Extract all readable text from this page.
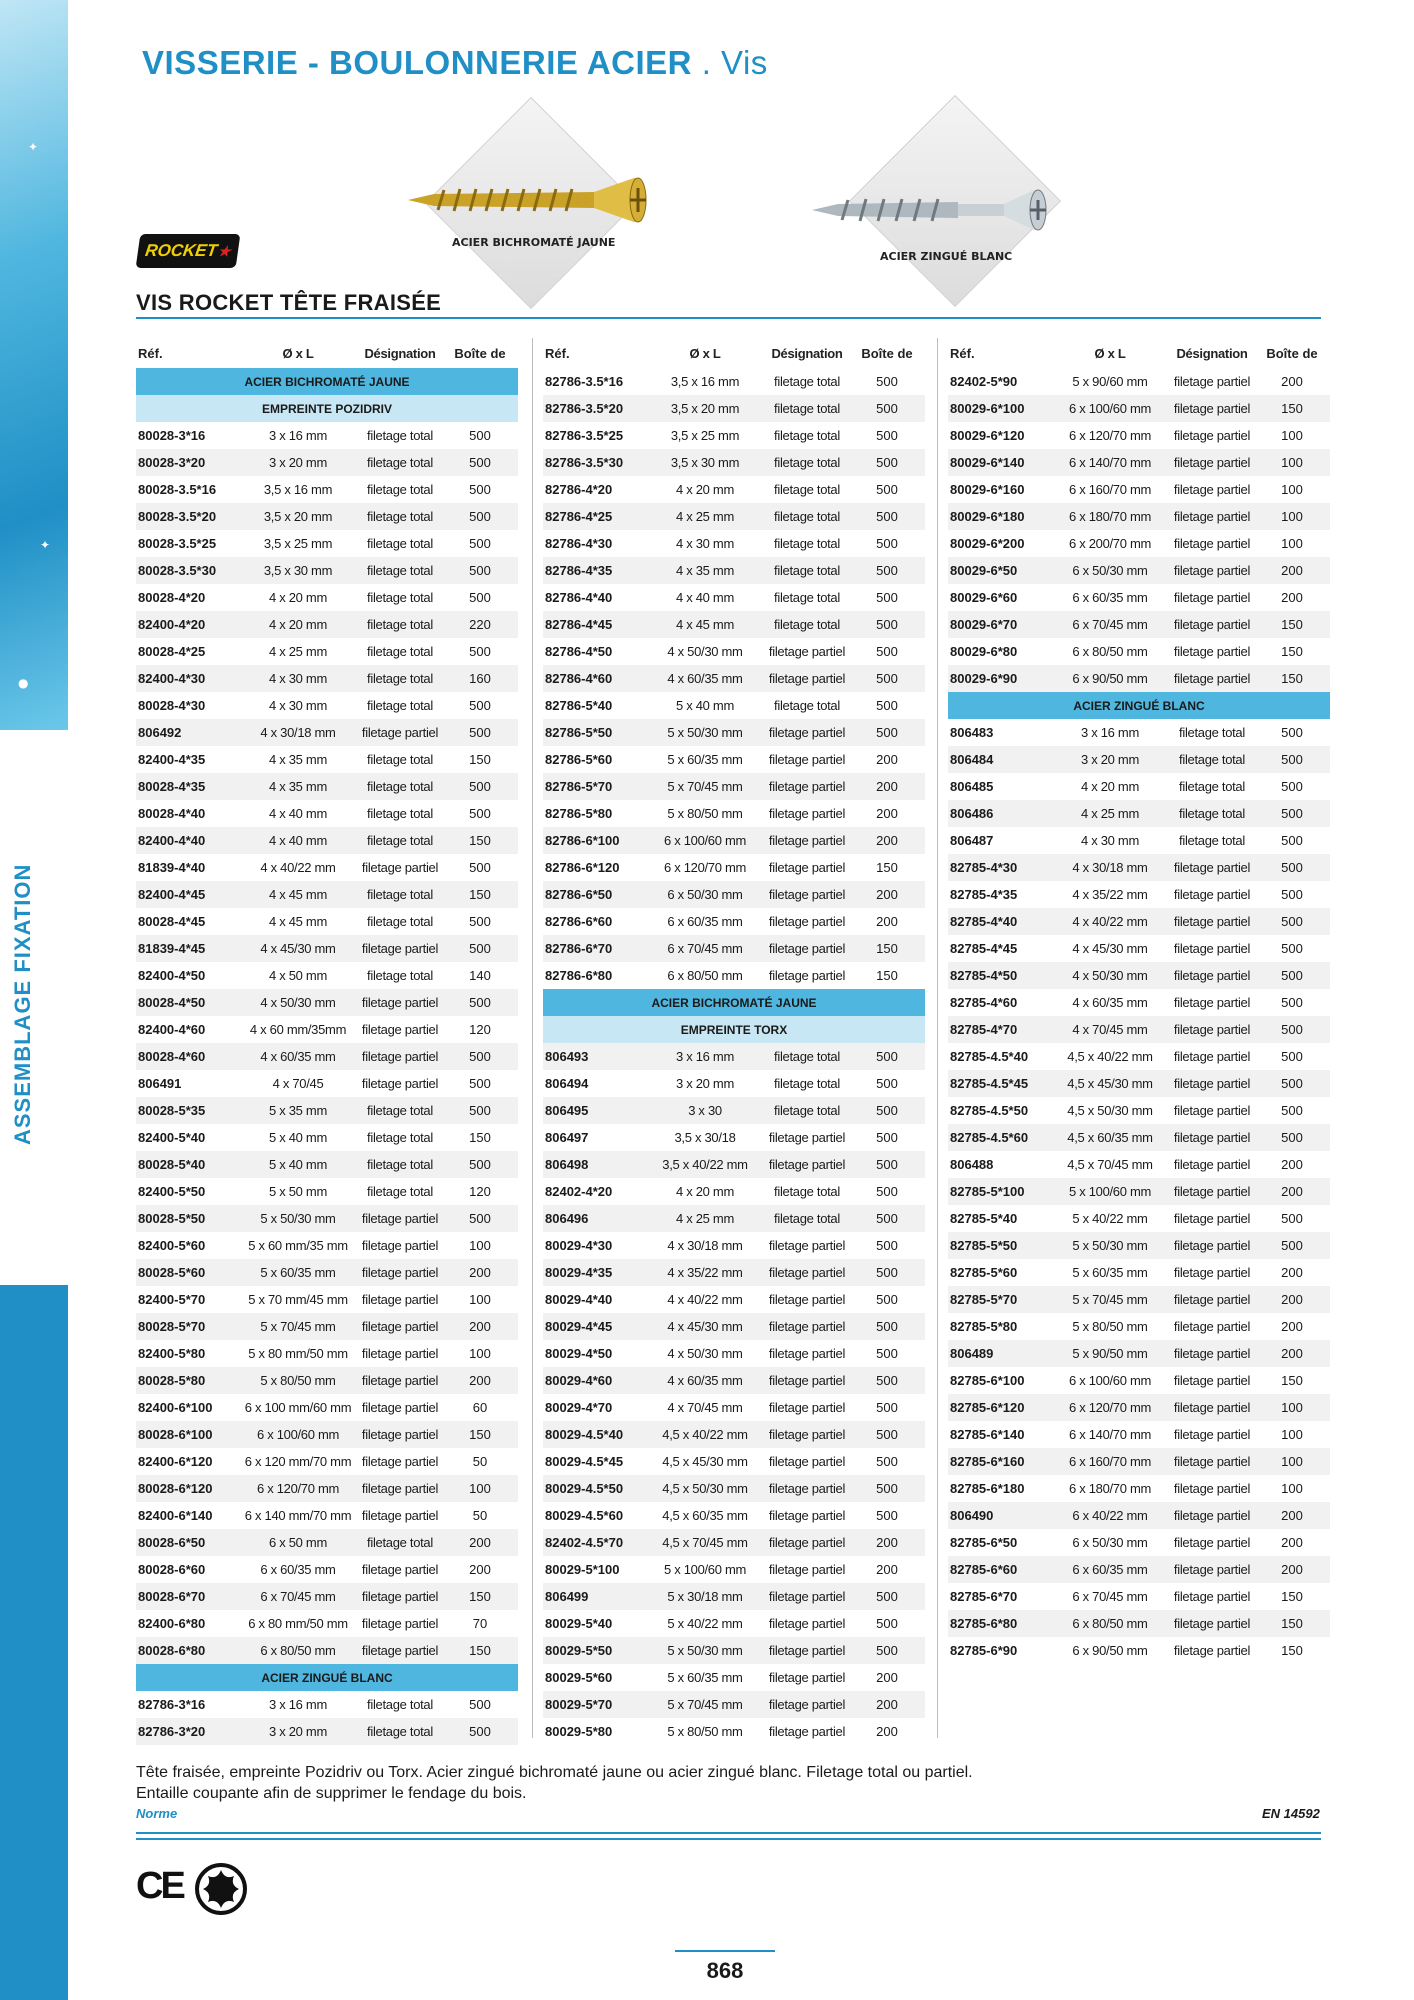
✦
✦
●
VISSERIE - BOULONNERIE ACIER . Vis
ACIER BICHROMATÉ JAUNE
ACIER ZINGUÉ BLANC
ROCKET
★
VIS ROCKET TÊTE FRAISÉE
Réf.	Ø x L	Désignation	Boîte de
ACIER BICHROMATÉ JAUNE
EMPREINTE POZIDRIV
80028-3*16	3 x 16 mm	filetage total	500
80028-3*20	3 x 20 mm	filetage total	500
80028-3.5*16	3,5 x 16 mm	filetage total	500
80028-3.5*20	3,5 x 20 mm	filetage total	500
80028-3.5*25	3,5 x 25 mm	filetage total	500
80028-3.5*30	3,5 x 30 mm	filetage total	500
80028-4*20	4 x 20 mm	filetage total	500
82400-4*20	4 x 20 mm	filetage total	220
80028-4*25	4 x 25 mm	filetage total	500
82400-4*30	4 x 30 mm	filetage total	160
80028-4*30	4 x 30 mm	filetage total	500
806492	4 x 30/18 mm	filetage partiel	500
82400-4*35	4 x 35 mm	filetage total	150
80028-4*35	4 x 35 mm	filetage total	500
80028-4*40	4 x 40 mm	filetage total	500
82400-4*40	4 x 40 mm	filetage total	150
81839-4*40	4 x 40/22 mm	filetage partiel	500
82400-4*45	4 x 45 mm	filetage total	150
80028-4*45	4 x 45 mm	filetage total	500
81839-4*45	4 x 45/30 mm	filetage partiel	500
82400-4*50	4 x 50 mm	filetage total	140
80028-4*50	4 x 50/30 mm	filetage partiel	500
82400-4*60	4 x 60 mm/35mm	filetage partiel	120
80028-4*60	4 x 60/35 mm	filetage partiel	500
806491	4 x 70/45	filetage partiel	500
80028-5*35	5 x 35 mm	filetage total	500
82400-5*40	5 x 40 mm	filetage total	150
80028-5*40	5 x 40 mm	filetage total	500
82400-5*50	5 x 50 mm	filetage total	120
80028-5*50	5 x 50/30 mm	filetage partiel	500
82400-5*60	5 x 60 mm/35 mm	filetage partiel	100
80028-5*60	5 x 60/35 mm	filetage partiel	200
82400-5*70	5 x 70 mm/45 mm	filetage partiel	100
80028-5*70	5 x 70/45 mm	filetage partiel	200
82400-5*80	5 x 80 mm/50 mm	filetage partiel	100
80028-5*80	5 x 80/50 mm	filetage partiel	200
82400-6*100	6 x 100 mm/60 mm filetage partiel	60
80028-6*100	6 x 100/60 mm	filetage partiel	150
82400-6*120	6 x 120 mm/70 mm filetage partiel	50
80028-6*120	6 x 120/70 mm	filetage partiel	100
82400-6*140	6 x 140 mm/70 mm filetage partiel	50
80028-6*50	6 x 50 mm	filetage total	200
80028-6*60	6 x 60/35 mm	filetage partiel	200
80028-6*70	6 x 70/45 mm	filetage partiel	150
82400-6*80	6 x 80 mm/50 mm	filetage partiel	70
80028-6*80	6 x 80/50 mm	filetage partiel	150
ACIER ZINGUÉ BLANC
82786-3*16	3 x 16 mm	filetage total	500
82786-3*20	3 x 20 mm	filetage total	500
Réf.	Ø x L	Désignation	Boîte de
82786-3.5*16	3,5 x 16 mm	filetage total	500
82786-3.5*20	3,5 x 20 mm	filetage total	500
82786-3.5*25	3,5 x 25 mm	filetage total	500
82786-3.5*30	3,5 x 30 mm	filetage total	500
82786-4*20	4 x 20 mm	filetage total	500
82786-4*25	4 x 25 mm	filetage total	500
82786-4*30	4 x 30 mm	filetage total	500
82786-4*35	4 x 35 mm	filetage total	500
82786-4*40	4 x 40 mm	filetage total	500
82786-4*45	4 x 45 mm	filetage total	500
82786-4*50	4 x 50/30 mm	filetage partiel	500
82786-4*60	4 x 60/35 mm	filetage partiel	500
82786-5*40	5 x 40 mm	filetage total	500
82786-5*50	5 x 50/30 mm	filetage partiel	500
82786-5*60	5 x 60/35 mm	filetage partiel	200
82786-5*70	5 x 70/45 mm	filetage partiel	200
82786-5*80	5 x 80/50 mm	filetage partiel	200
82786-6*100	6 x 100/60 mm	filetage partiel	200
82786-6*120	6 x 120/70 mm	filetage partiel	150
82786-6*50	6 x 50/30 mm	filetage partiel	200
82786-6*60	6 x 60/35 mm	filetage partiel	200
82786-6*70	6 x 70/45 mm	filetage partiel	150
82786-6*80	6 x 80/50 mm	filetage partiel	150
ACIER BICHROMATÉ JAUNE
EMPREINTE TORX
806493	3 x 16 mm	filetage total	500
806494	3 x 20 mm	filetage total	500
806495	3 x 30	filetage total	500
806497	3,5 x 30/18	filetage partiel	500
806498	3,5 x 40/22 mm	filetage partiel	500
82402-4*20	4 x 20 mm	filetage total	500
806496	4 x 25 mm	filetage total	500
80029-4*30	4 x 30/18 mm	filetage partiel	500
80029-4*35	4 x 35/22 mm	filetage partiel	500
80029-4*40	4 x 40/22 mm	filetage partiel	500
80029-4*45	4 x 45/30 mm	filetage partiel	500
80029-4*50	4 x 50/30 mm	filetage partiel	500
80029-4*60	4 x 60/35 mm	filetage partiel	500
80029-4*70	4 x 70/45 mm	filetage partiel	500
80029-4.5*40	4,5 x 40/22 mm	filetage partiel	500
80029-4.5*45	4,5 x 45/30 mm	filetage partiel	500
80029-4.5*50	4,5 x 50/30 mm	filetage partiel	500
80029-4.5*60	4,5 x 60/35 mm	filetage partiel	500
82402-4.5*70	4,5 x 70/45 mm	filetage partiel	200
80029-5*100	5 x 100/60 mm	filetage partiel	200
806499	5 x 30/18 mm	filetage partiel	500
80029-5*40	5 x 40/22 mm	filetage partiel	500
80029-5*50	5 x 50/30 mm	filetage partiel	500
80029-5*60	5 x 60/35 mm	filetage partiel	200
80029-5*70	5 x 70/45 mm	filetage partiel	200
80029-5*80	5 x 80/50 mm	filetage partiel	200
Réf.	Ø x L	Désignation	Boîte de
82402-5*90	5 x 90/60 mm	filetage partiel	200
80029-6*100	6 x 100/60 mm	filetage partiel	150
80029-6*120	6 x 120/70 mm	filetage partiel	100
80029-6*140	6 x 140/70 mm	filetage partiel	100
80029-6*160	6 x 160/70 mm	filetage partiel	100
80029-6*180	6 x 180/70 mm	filetage partiel	100
80029-6*200	6 x 200/70 mm	filetage partiel	100
80029-6*50	6 x 50/30 mm	filetage partiel	200
80029-6*60	6 x 60/35 mm	filetage partiel	200
80029-6*70	6 x 70/45 mm	filetage partiel	150
80029-6*80	6 x 80/50 mm	filetage partiel	150
80029-6*90	6 x 90/50 mm	filetage partiel	150
ACIER ZINGUÉ BLANC
806483	3 x 16 mm	filetage total	500
806484	3 x 20 mm	filetage total	500
806485	4 x 20 mm	filetage total	500
806486	4 x 25 mm	filetage total	500
806487	4 x 30 mm	filetage total	500
82785-4*30	4 x 30/18 mm	filetage partiel	500
82785-4*35	4 x 35/22 mm	filetage partiel	500
82785-4*40	4 x 40/22 mm	filetage partiel	500
82785-4*45	4 x 45/30 mm	filetage partiel	500
82785-4*50	4 x 50/30 mm	filetage partiel	500
82785-4*60	4 x 60/35 mm	filetage partiel	500
82785-4*70	4 x 70/45 mm	filetage partiel	500
82785-4.5*40	4,5 x 40/22 mm	filetage partiel	500
82785-4.5*45	4,5 x 45/30 mm	filetage partiel	500
82785-4.5*50	4,5 x 50/30 mm	filetage partiel	500
82785-4.5*60	4,5 x 60/35 mm	filetage partiel	500
806488	4,5 x 70/45 mm	filetage partiel	200
82785-5*100	5 x 100/60 mm	filetage partiel	200
82785-5*40	5 x 40/22 mm	filetage partiel	500
82785-5*50	5 x 50/30 mm	filetage partiel	500
82785-5*60	5 x 60/35 mm	filetage partiel	200
82785-5*70	5 x 70/45 mm	filetage partiel	200
82785-5*80	5 x 80/50 mm	filetage partiel	200
806489	5 x 90/50 mm	filetage partiel	200
82785-6*100	6 x 100/60 mm	filetage partiel	150
82785-6*120	6 x 120/70 mm	filetage partiel	100
82785-6*140	6 x 140/70 mm	filetage partiel	100
82785-6*160	6 x 160/70 mm	filetage partiel	100
82785-6*180	6 x 180/70 mm	filetage partiel	100
806490	6 x 40/22 mm	filetage partiel	200
82785-6*50	6 x 50/30 mm	filetage partiel	200
82785-6*60	6 x 60/35 mm	filetage partiel	200
82785-6*70	6 x 70/45 mm	filetage partiel	150
82785-6*80	6 x 80/50 mm	filetage partiel	150
82785-6*90	6 x 90/50 mm	filetage partiel	150
Tête fraisée, empreinte Pozidriv ou Torx. Acier zingué bichromaté jaune ou acier zingué blanc. Filetage total ou partiel.
Entaille coupante afin de supprimer le fendage du bois.
Norme	EN 14592
CE
868
